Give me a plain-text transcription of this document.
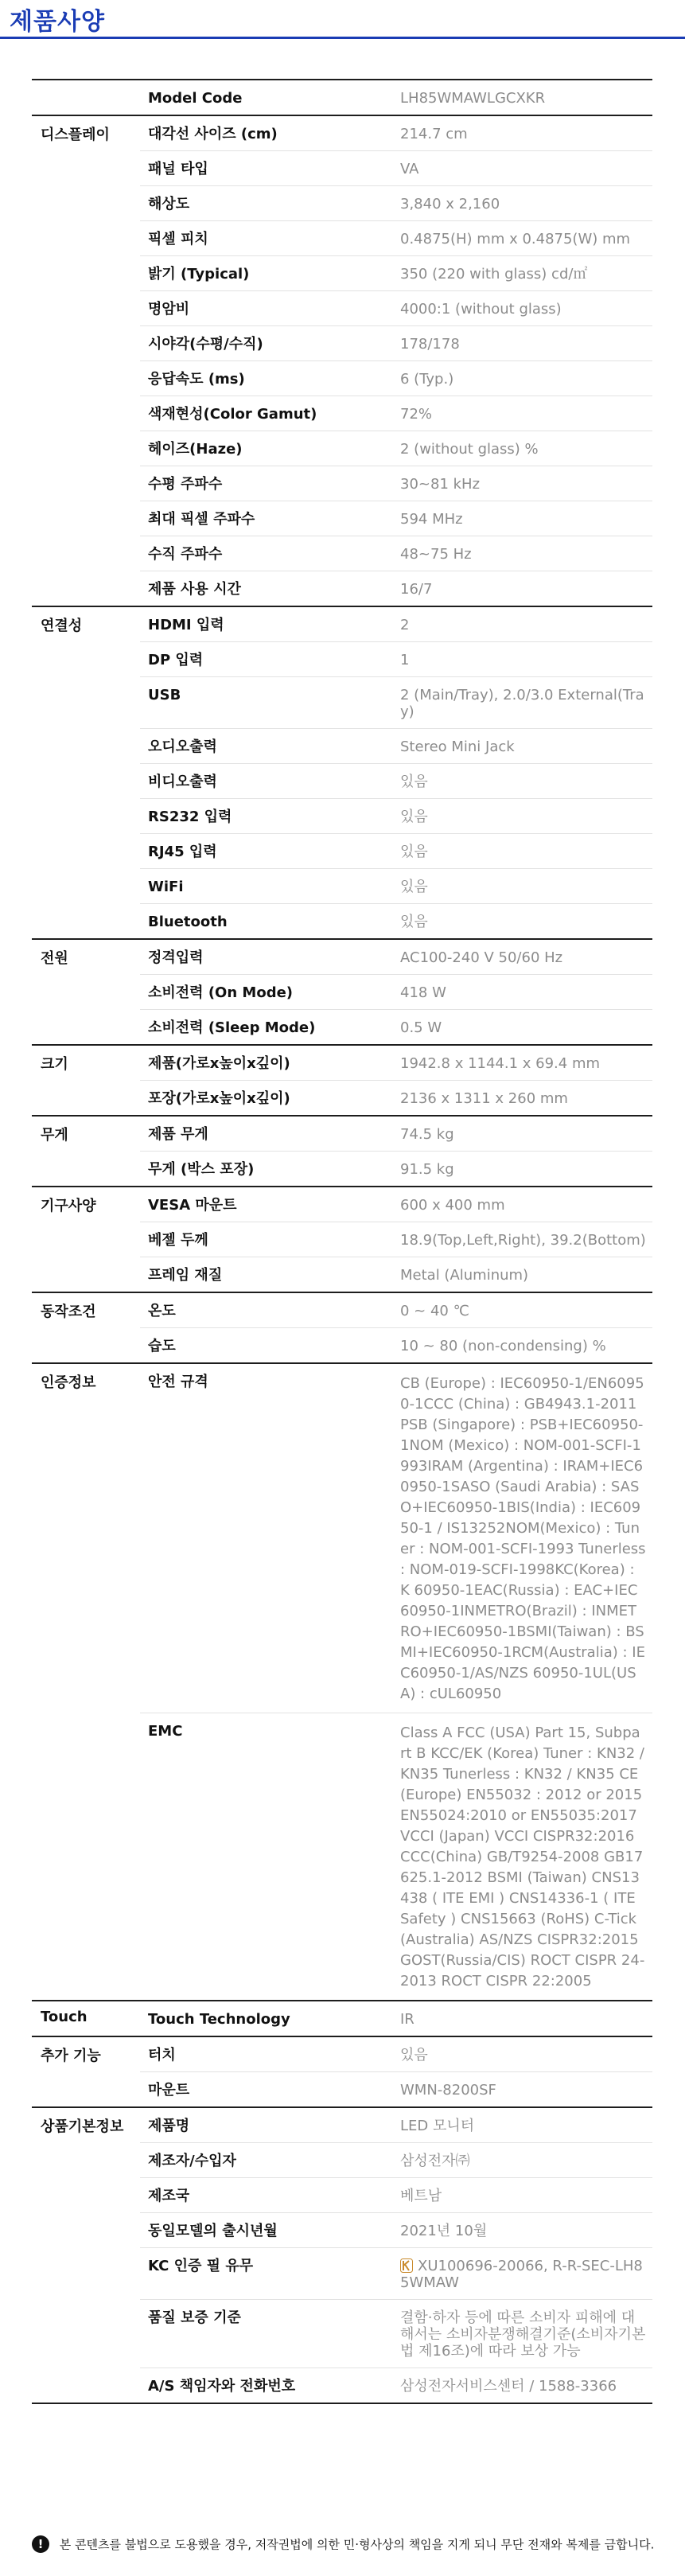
제품사양
	Model Code	LH85WMAWLGCXKR
디스플레이	대각선 사이즈 (cm)	214.7 cm
	패널 타입	VA
	해상도	3,840 x 2,160
	픽셀 피치	0.4875(H) mm x 0.4875(W) mm
	밝기 (Typical)	350 (220 with glass) cd/㎡
	명암비	4000:1 (without glass)
	시야각(수평/수직)	178/178
	응답속도 (ms)	6 (Typ.)
	색재현성(Color Gamut)	72%
	헤이즈(Haze)	2 (without glass) %
	수평 주파수	30~81 kHz
	최대 픽셀 주파수	594 MHz
	수직 주파수	48~75 Hz
	제품 사용 시간	16/7
연결성	HDMI 입력	2
	DP 입력	1
	USB	2 (Main/Tray), 2.0/3.0 External(Tray)
	오디오출력	Stereo Mini Jack
	비디오출력	있음
	RS232 입력	있음
	RJ45 입력	있음
	WiFi	있음
	Bluetooth	있음
전원	정격입력	AC100-240 V 50/60 Hz
	소비전력 (On Mode)	418 W
	소비전력 (Sleep Mode)	0.5 W
크기	제품(가로x높이x깊이)	1942.8 x 1144.1 x 69.4 mm
	포장(가로x높이x깊이)	2136 x 1311 x 260 mm
무게	제품 무게	74.5 kg
	무게 (박스 포장)	91.5 kg
기구사양	VESA 마운트	600 x 400 mm
	베젤 두께	18.9(Top,Left,Right), 39.2(Bottom)
	프레임 재질	Metal (Aluminum)
동작조건	온도	0 ~ 40 ℃
	습도	10 ~ 80 (non-condensing) %
인증정보	안전 규격	CB (Europe) : IEC60950-1/EN60950-1CCC (China) : GB4943.1-2011 PSB (Singapore) : PSB+IEC60950-1NOM (Mexico) : NOM-001-SCFI-1993IRAM (Argentina) : IRAM+IEC60950-1SASO (Saudi Arabia) : SASO+IEC60950-1BIS(India) : IEC60950-1 / IS13252NOM(Mexico) : Tuner : NOM-001-SCFI-1993 Tunerless : NOM-019-SCFI-1998KC(Korea) : K 60950-1EAC(Russia) : EAC+IEC60950-1INMETRO(Brazil) : INMETRO+IEC60950-1BSMI(Taiwan) : BSMI+IEC60950-1RCM(Australia) : IEC60950-1/AS/NZS 60950-1UL(USA) : cUL60950
	EMC	Class A FCC (USA) Part 15, Subpart B KCC/EK (Korea) Tuner : KN32 / KN35 Tunerless : KN32 / KN35 CE (Europe) EN55032 : 2012 or 2015 EN55024:2010 or EN55035:2017 VCCI (Japan) VCCI CISPR32:2016 CCC(China) GB/T9254-2008 GB17625.1-2012 BSMI (Taiwan) CNS13438 ( ITE EMI ) CNS14336-1 ( ITE Safety ) CNS15663 (RoHS) C-Tick (Australia) AS/NZS CISPR32:2015 GOST(Russia/CIS) ROCT CISPR 24-2013 ROCT CISPR 22:2005
Touch	Touch Technology	IR
추가 기능	터치	있음
	마운트	WMN-8200SF
상품기본정보	제품명	LED 모니터
	제조자/수입자	삼성전자㈜
	제조국	베트남
	동일모델의 출시년월	2021년 10월
	KC 인증 필 유무	XU100696-20066, R-R-SEC-LH85WMAW
	품질 보증 기준	결함·하자 등에 따른 소비자 피해에 대해서는 소비자분쟁해결기준(소비자기본법 제16조)에 따라 보상 가능
	A/S 책임자와 전화번호	삼성전자서비스센터 / 1588-3366
! 본 콘텐츠를 불법으로 도용했을 경우, 저작권법에 의한 민·형사상의 책임을 지게 되니 무단 전재와 복제를 금합니다.
